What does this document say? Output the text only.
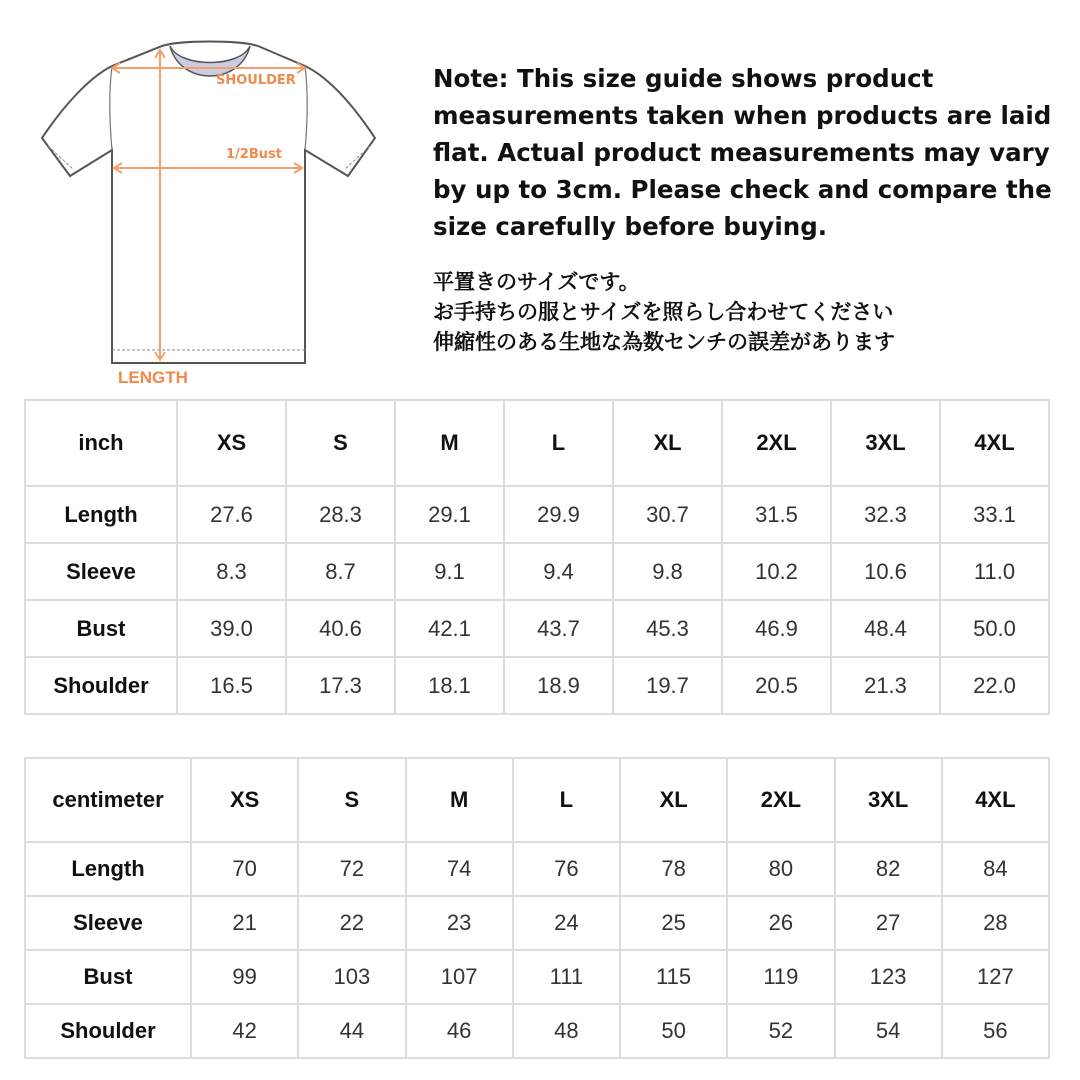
SHOULDER
1/2Bust
LENGTH

Note: This size guide shows product measurements taken when products are laid flat. Actual product measurements may vary by up to 3cm. Please check and compare the size carefully before buying.

平置きのサイズです。
お手持ちの服とサイズを照らし合わせてください
伸縮性のある生地な為数センチの誤差があります
inch	XS	S	M	L	XL	2XL	3XL	4XL
Length	27.6	28.3	29.1	29.9	30.7	31.5	32.3	33.1
Sleeve	8.3	8.7	9.1	9.4	9.8	10.2	10.6	11.0
Bust	39.0	40.6	42.1	43.7	45.3	46.9	48.4	50.0
Shoulder	16.5	17.3	18.1	18.9	19.7	20.5	21.3	22.0
centimeter	XS	S	M	L	XL	2XL	3XL	4XL
Length	70	72	74	76	78	80	82	84
Sleeve	21	22	23	24	25	26	27	28
Bust	99	103	107	111	115	119	123	127
Shoulder	42	44	46	48	50	52	54	56
